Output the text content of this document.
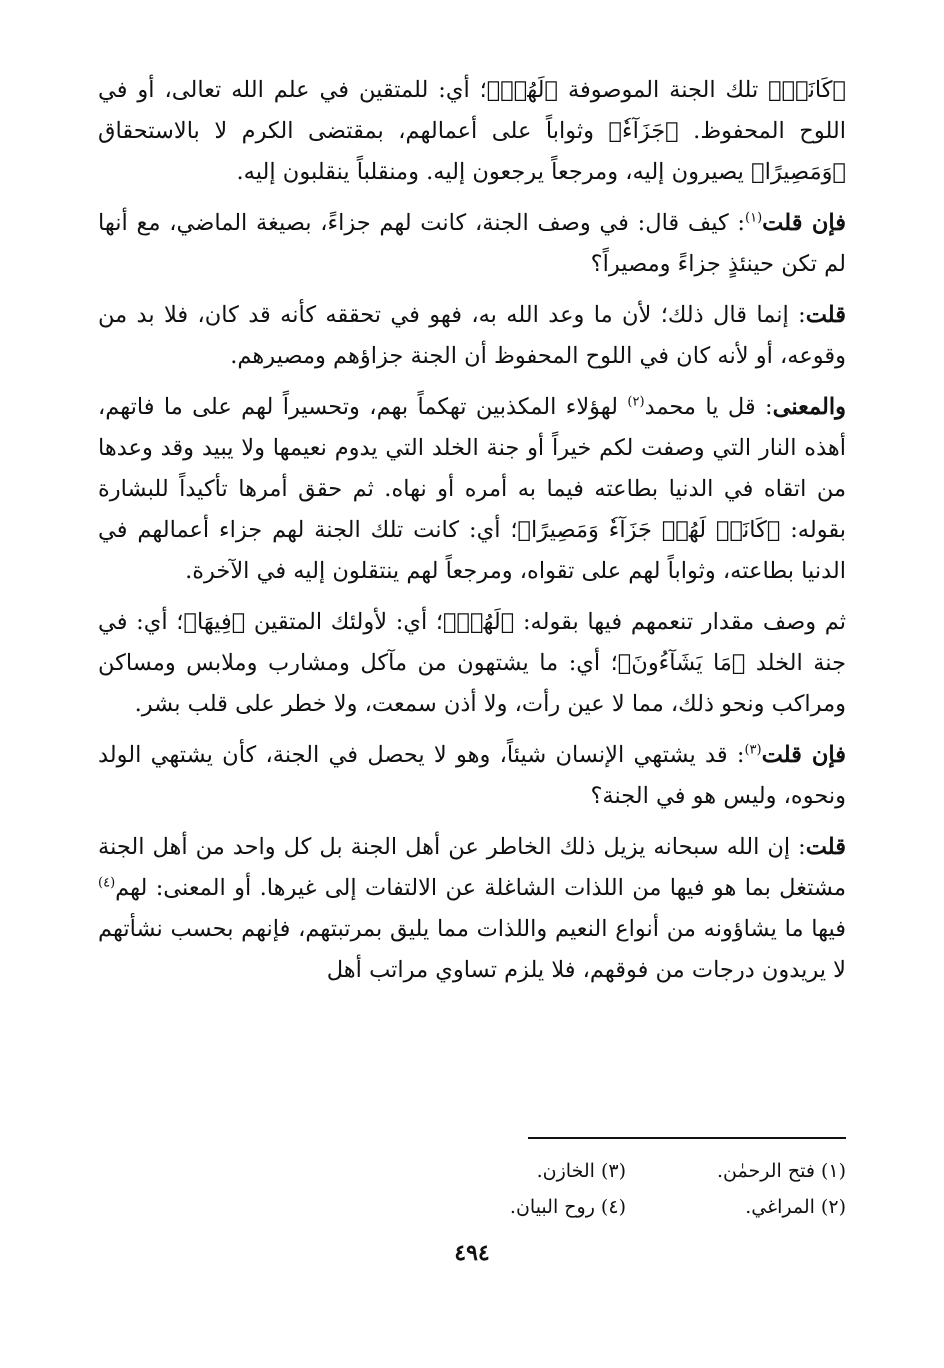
﴿كَانَتۡ﴾ تلك الجنة الموصوفة ﴿لَهُمۡ﴾؛ أي: للمتقين في علم الله تعالى، أو في اللوح المحفوظ. ﴿جَزَآءٗ﴾ وثواباً على أعمالهم، بمقتضى الكرم لا بالاستحقاق ﴿وَمَصِيرًا﴾ يصيرون إليه، ومرجعاً يرجعون إليه. ومنقلباً ينقلبون إليه.

فإن قلت$^{(١)}$: كيف قال: في وصف الجنة، كانت لهم جزاءً، بصيغة الماضي، مع أنها لم تكن حينئذٍ جزاءً ومصيراً؟

قلت: إنما قال ذلك؛ لأن ما وعد الله به، فهو في تحققه كأنه قد كان، فلا بد من وقوعه، أو لأنه كان في اللوح المحفوظ أن الجنة جزاؤهم ومصيرهم.

والمعنى: قل يا محمد$^{(٢)}$ لهؤلاء المكذبين تهكماً بهم، وتحسيراً لهم على ما فاتهم، أهذه النار التي وصفت لكم خيراً أو جنة الخلد التي يدوم نعيمها ولا يبيد وقد وعدها من اتقاه في الدنيا بطاعته فيما به أمره أو نهاه. ثم حقق أمرها تأكيداً للبشارة بقوله: ﴿كَانَتۡ لَهُمۡ جَزَآءٗ وَمَصِيرًا﴾؛ أي: كانت تلك الجنة لهم جزاء أعمالهم في الدنيا بطاعته، وثواباً لهم على تقواه، ومرجعاً لهم ينتقلون إليه في الآخرة.

ثم وصف مقدار تنعمهم فيها بقوله: ﴿لَهُمۡ﴾؛ أي: لأولئك المتقين ﴿فِيهَا﴾؛ أي: في جنة الخلد ﴿مَا يَشَآءُونَ﴾؛ أي: ما يشتهون من مآكل ومشارب وملابس ومساكن ومراكب ونحو ذلك، مما لا عين رأت، ولا أذن سمعت، ولا خطر على قلب بشر.

فإن قلت$^{(٣)}$: قد يشتهي الإنسان شيئاً، وهو لا يحصل في الجنة، كأن يشتهي الولد ونحوه، وليس هو في الجنة؟

قلت: إن الله سبحانه يزيل ذلك الخاطر عن أهل الجنة بل كل واحد من أهل الجنة مشتغل بما هو فيها من اللذات الشاغلة عن الالتفات إلى غيرها. أو المعنى: لهم$^{(٤)}$ فيها ما يشاؤونه من أنواع النعيم واللذات مما يليق بمرتبتهم، فإنهم بحسب نشأتهم لا يريدون درجات من فوقهم، فلا يلزم تساوي مراتب أهل

(١) فتح الرحمٰن.
(٣) الخازن.
(٢) المراغي.
(٤) روح البيان.
٤٩٤
